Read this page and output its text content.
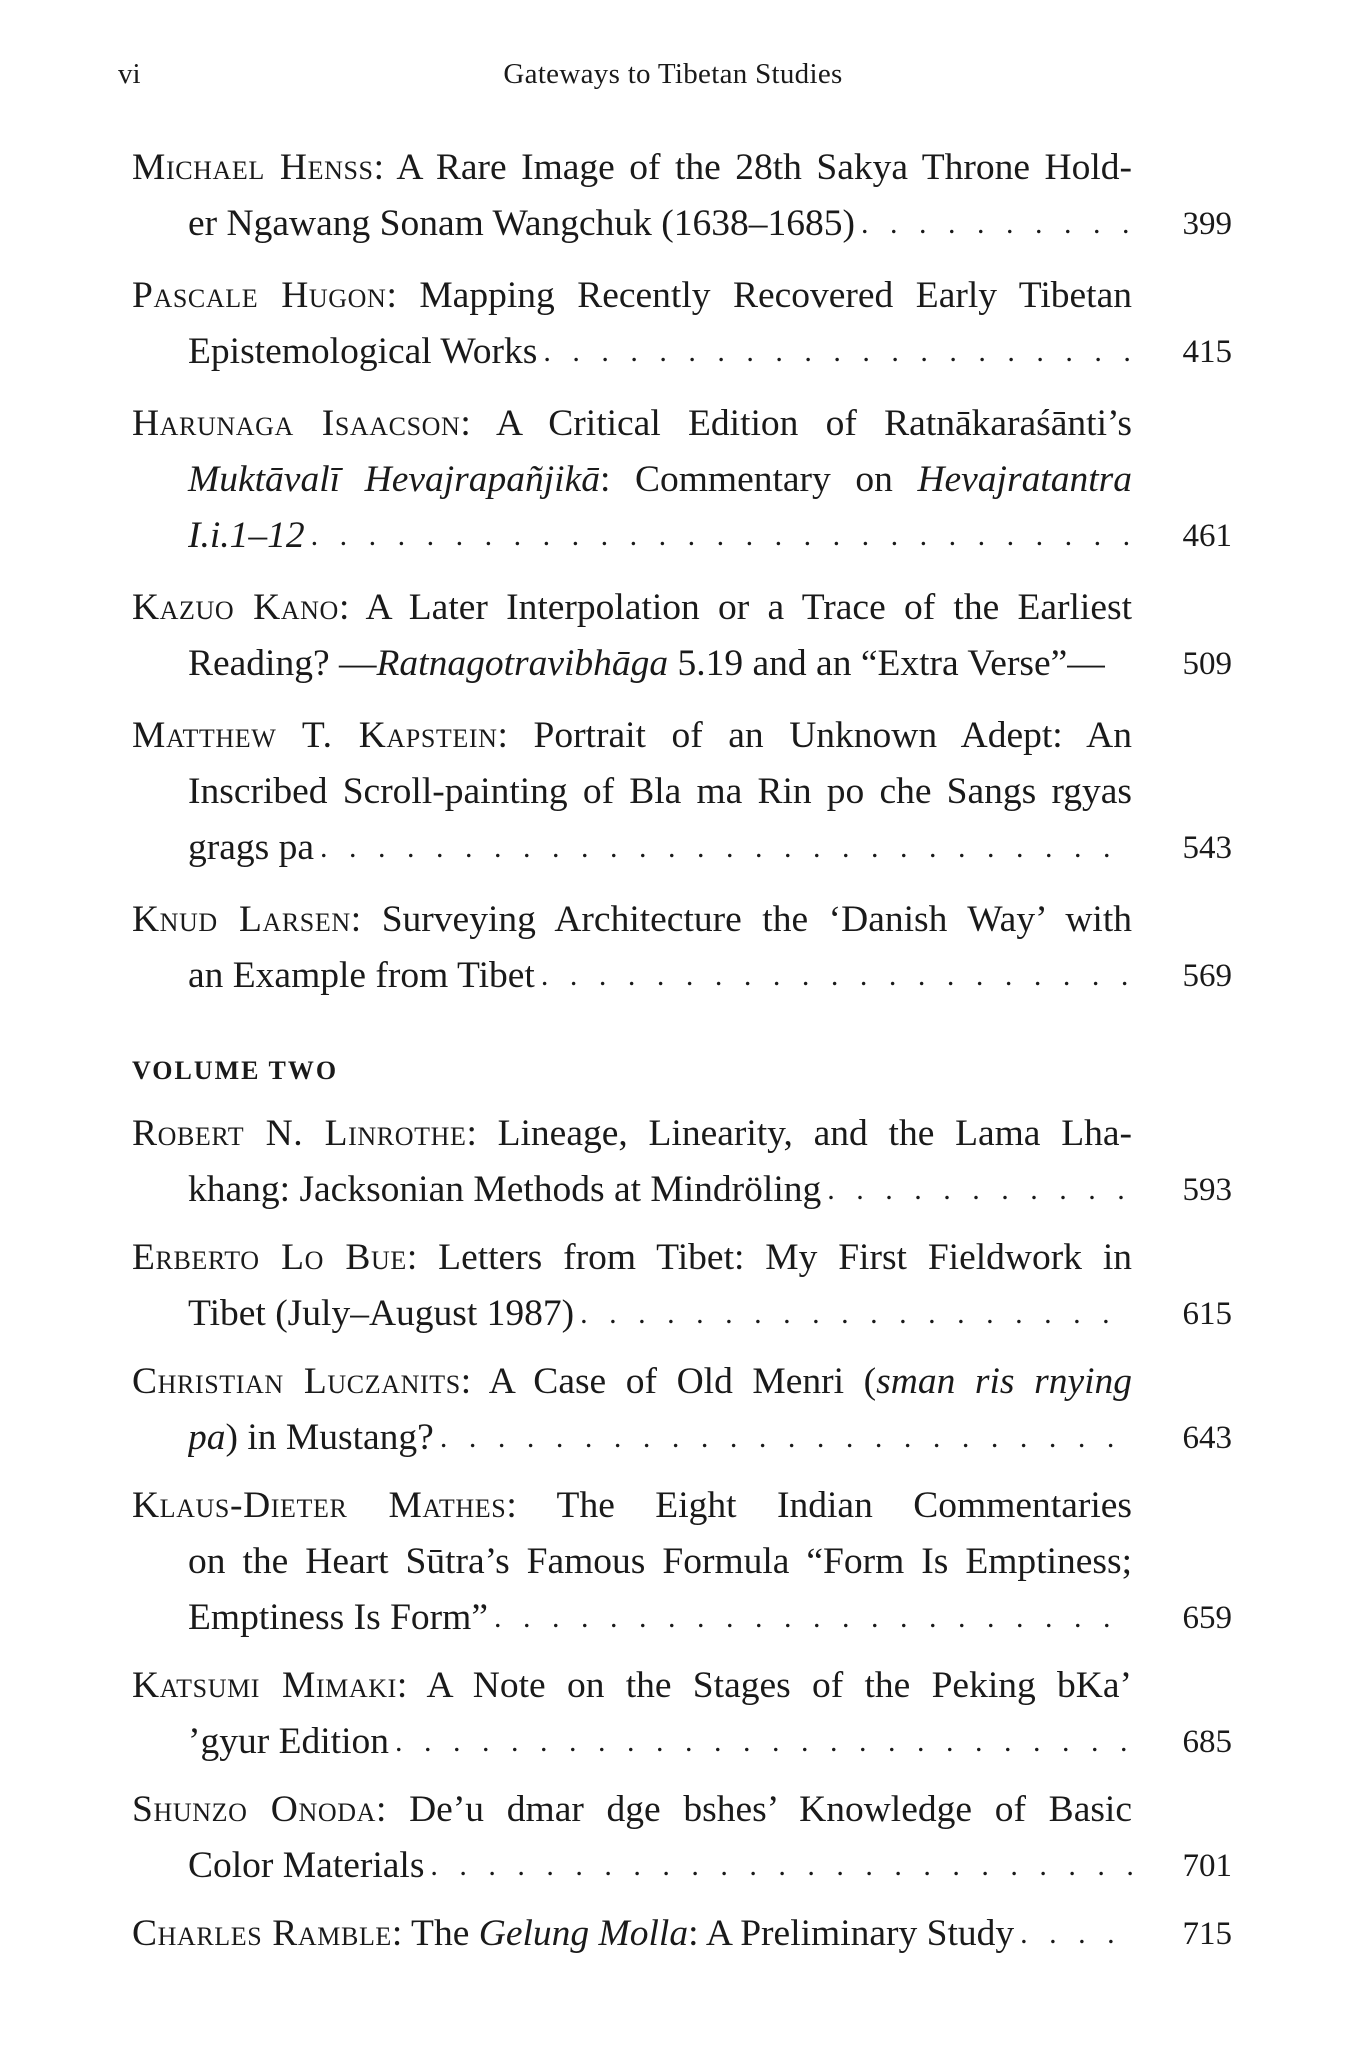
vi	Gateways to Tibetan Studies
Michael Henss: A Rare Image of the 28th Sakya Throne Hold-
er Ngawang Sonam Wangchuk (1638–1685) . . .	399
Pascale Hugon: Mapping Recently Recovered Early Tibetan
Epistemological Works . . .	415
Harunaga Isaacson: A Critical Edition of Ratnākaraśānti’s
Muktāvalī Hevajrapañjikā: Commentary on Hevajratantra
I.i.1–12 . . .	461
Kazuo Kano: A Later Interpolation or a Trace of the Earliest
Reading? —Ratnagotravibhāga 5.19 and an “Extra Verse”—	509
Matthew T. Kapstein: Portrait of an Unknown Adept: An
Inscribed Scroll-painting of Bla ma Rin po che Sangs rgyas
grags pa . . .	543
Knud Larsen: Surveying Architecture the ‘Danish Way’ with
an Example from Tibet . . .	569
VOLUME TWO
Robert N. Linrothe: Lineage, Linearity, and the Lama Lha-
khang: Jacksonian Methods at Mindröling . . .	593
Erberto Lo Bue: Letters from Tibet: My First Fieldwork in
Tibet (July–August 1987) . . .	615
Christian Luczanits: A Case of Old Menri (sman ris rnying
pa) in Mustang? . . .	643
Klaus-Dieter Mathes: The Eight Indian Commentaries
on the Heart Sūtra’s Famous Formula “Form Is Emptiness;
Emptiness Is Form” . . .	659
Katsumi Mimaki: A Note on the Stages of the Peking bKa’
’gyur Edition . . .	685
Shunzo Onoda: De’u dmar dge bshes’ Knowledge of Basic
Color Materials . . .	701
Charles Ramble: The Gelung Molla: A Preliminary Study . . .	715
